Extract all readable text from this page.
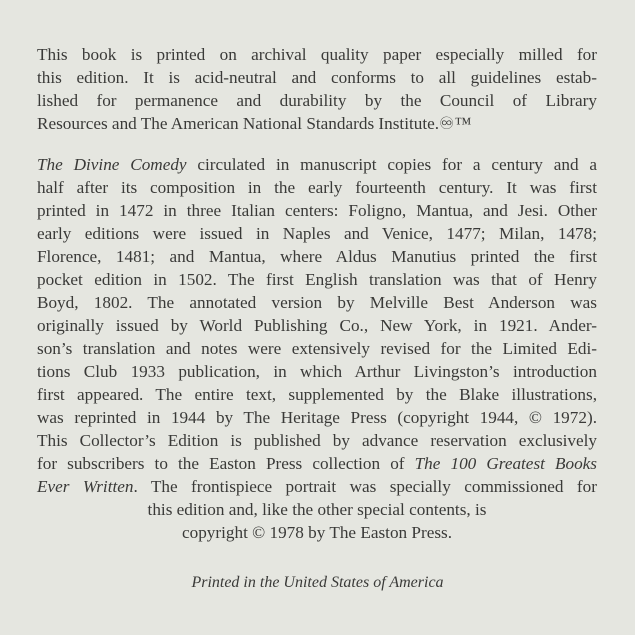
This book is printed on archival quality paper especially milled for
this edition. It is acid-neutral and conforms to all guidelines estab-
lished for permanence and durability by the Council of Library
Resources and The American National Standards Institute.♾™
The Divine Comedy circulated in manuscript copies for a century and a
half after its composition in the early fourteenth century. It was first
printed in 1472 in three Italian centers: Foligno, Mantua, and Jesi. Other
early editions were issued in Naples and Venice, 1477; Milan, 1478;
Florence, 1481; and Mantua, where Aldus Manutius printed the first
pocket edition in 1502. The first English translation was that of Henry
Boyd, 1802. The annotated version by Melville Best Anderson was
originally issued by World Publishing Co., New York, in 1921. Ander-
son’s translation and notes were extensively revised for the Limited Edi-
tions Club 1933 publication, in which Arthur Livingston’s introduction
first appeared. The entire text, supplemented by the Blake illustrations,
was reprinted in 1944 by The Heritage Press (copyright 1944, © 1972).
This Collector’s Edition is published by advance reservation exclusively
for subscribers to the Easton Press collection of The 100 Greatest Books
Ever Written. The frontispiece portrait was specially commissioned for
this edition and, like the other special contents, is
copyright © 1978 by The Easton Press.
Printed in the United States of America
